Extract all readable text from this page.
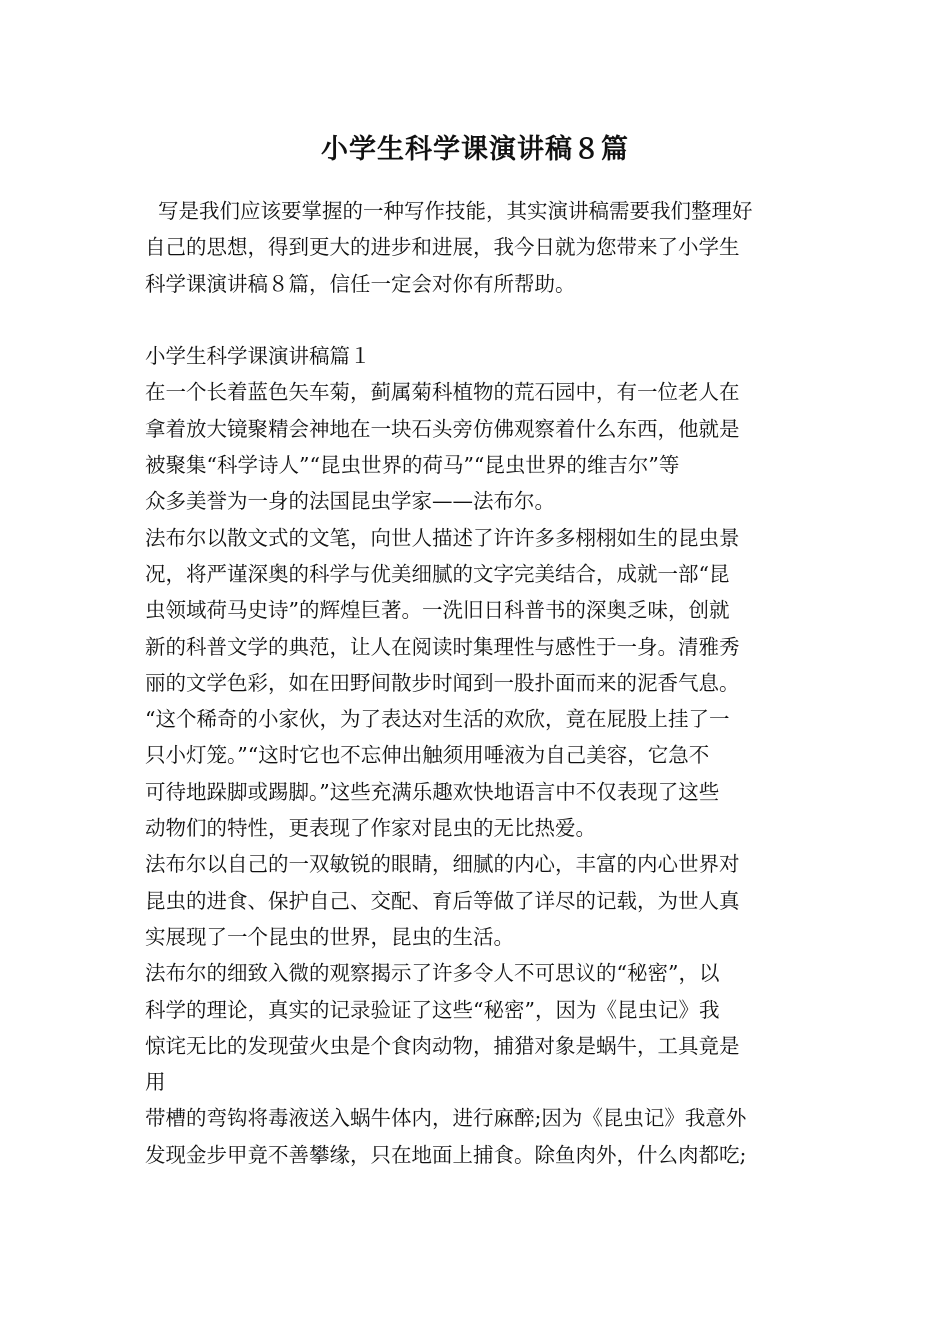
小学生科学课演讲稿８篇
写是我们应该要掌握的一种写作技能，其实演讲稿需要我们整理好
自己的思想，得到更大的进步和进展，我今日就为您带来了小学生
科学课演讲稿８篇，信任一定会对你有所帮助。
小学生科学课演讲稿篇１
在一个长着蓝色矢车菊，蓟属菊科植物的荒石园中，有一位老人在
拿着放大镜聚精会神地在一块石头旁仿佛观察着什么东西，他就是
被聚集“科学诗人”“昆虫世界的荷马”“昆虫世界的维吉尔”等
众多美誉为一身的法国昆虫学家——法布尔。
法布尔以散文式的文笔，向世人描述了许许多多栩栩如生的昆虫景
况，将严谨深奥的科学与优美细腻的文字完美结合，成就一部“昆
虫领域荷马史诗”的辉煌巨著。一洗旧日科普书的深奥乏味，创就
新的科普文学的典范，让人在阅读时集理性与感性于一身。清雅秀
丽的文学色彩，如在田野间散步时闻到一股扑面而来的泥香气息。
“这个稀奇的小家伙，为了表达对生活的欢欣，竟在屁股上挂了一
只小灯笼。”“这时它也不忘伸出触须用唾液为自己美容，它急不
可待地跺脚或踢脚。”这些充满乐趣欢快地语言中不仅表现了这些
动物们的特性，更表现了作家对昆虫的无比热爱。
法布尔以自己的一双敏锐的眼睛，细腻的内心，丰富的内心世界对
昆虫的进食、保护自己、交配、育后等做了详尽的记载，为世人真
实展现了一个昆虫的世界，昆虫的生活。
法布尔的细致入微的观察揭示了许多令人不可思议的“秘密”，以
科学的理论，真实的记录验证了这些“秘密”，因为《昆虫记》我
惊诧无比的发现萤火虫是个食肉动物，捕猎对象是蜗牛，工具竟是
用
带槽的弯钩将毒液送入蜗牛体内，进行麻醉;因为《昆虫记》我意外
发现金步甲竟不善攀缘，只在地面上捕食。除鱼肉外，什么肉都吃;
